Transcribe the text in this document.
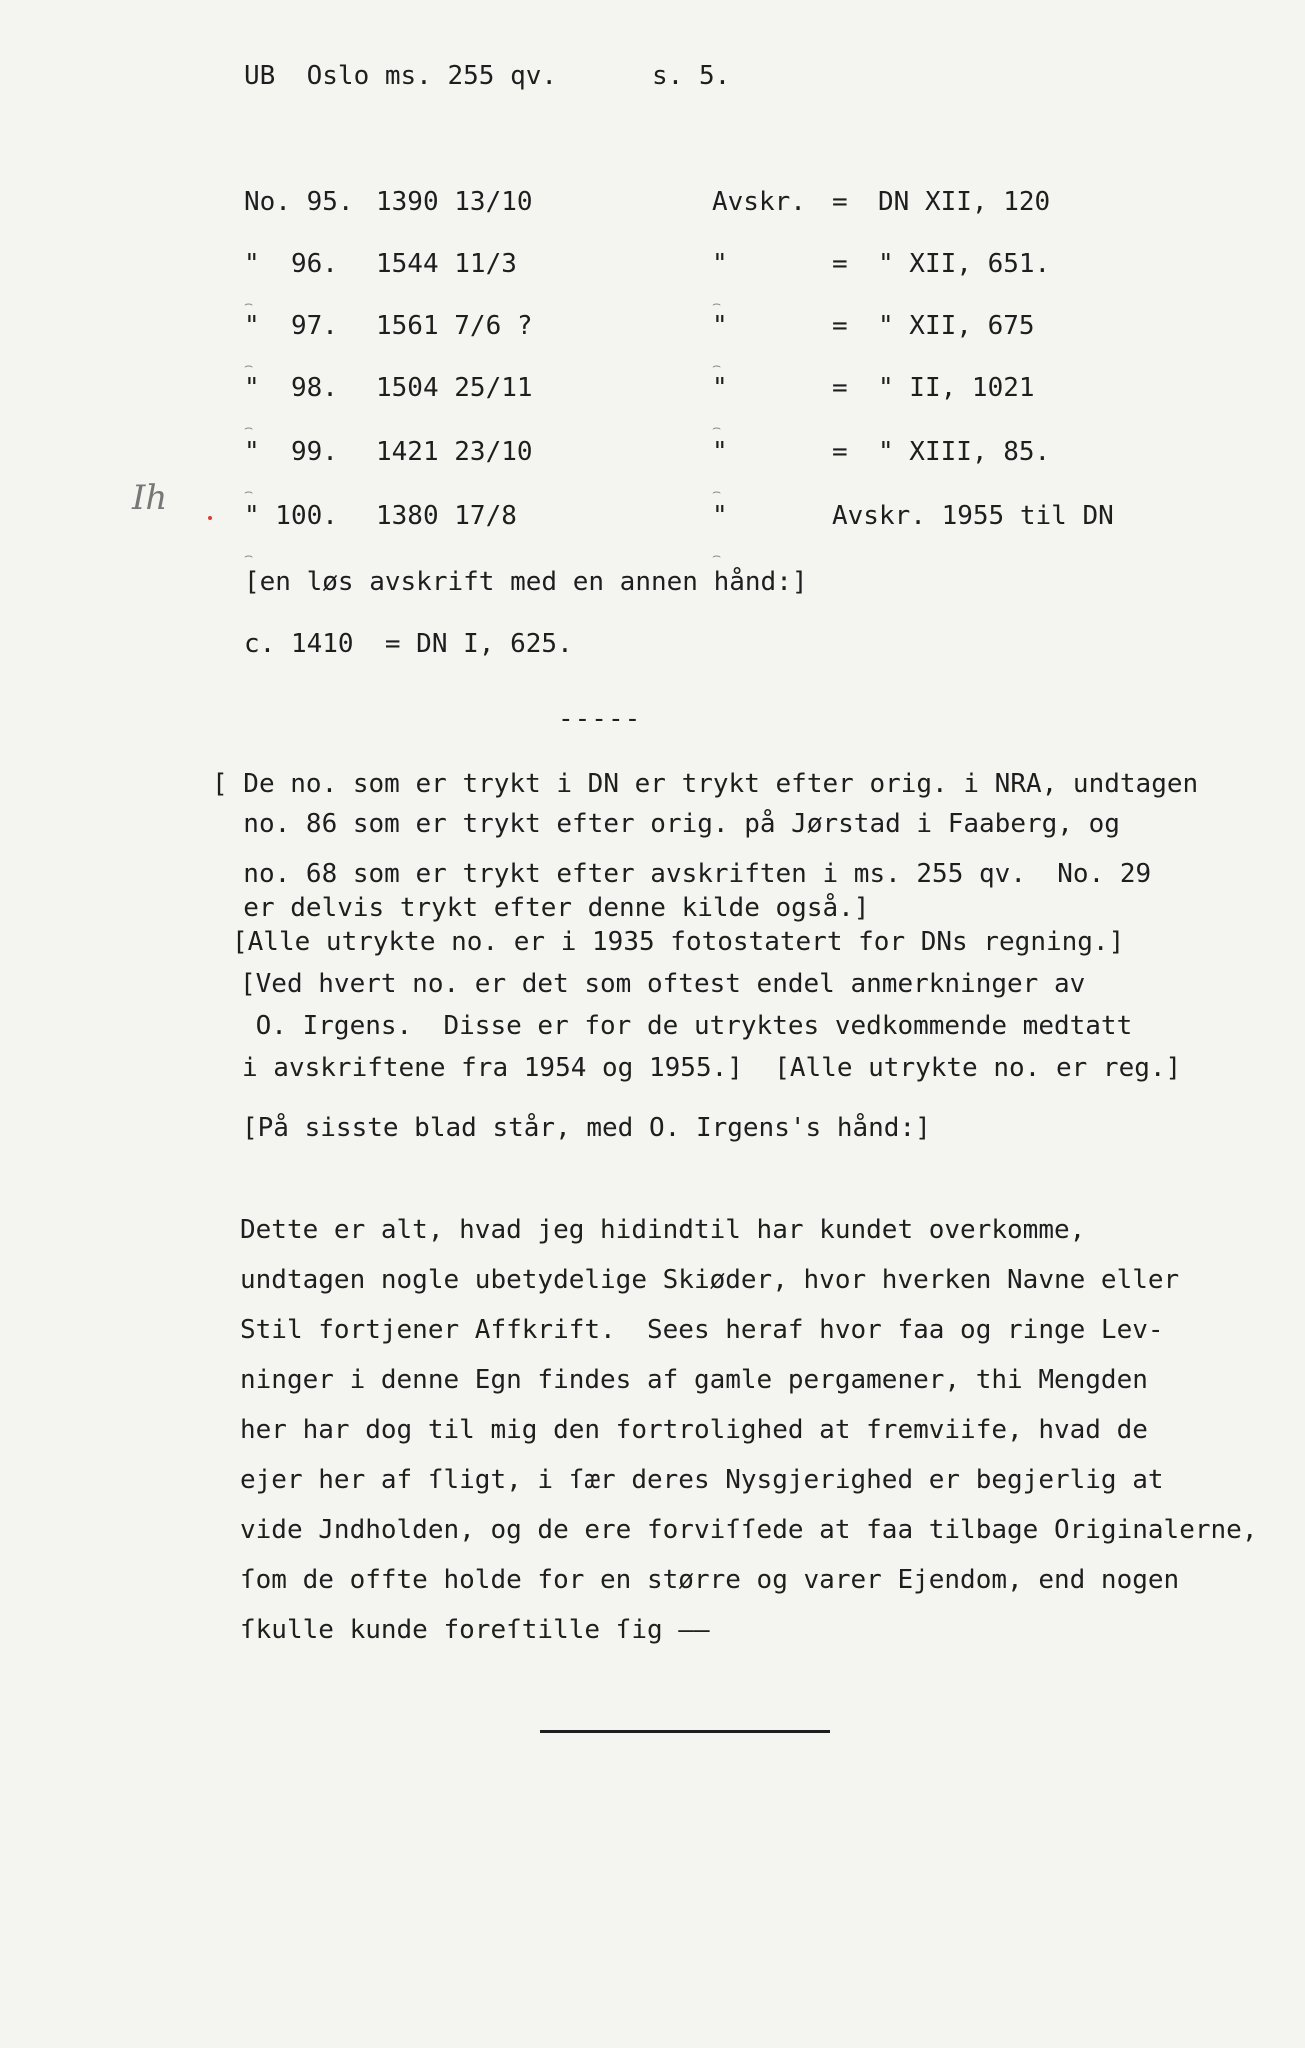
UB  Oslo ms. 255 qv.	s. 5.
No. 95. 1390 13/10	Avskr. = DN XII, 120
"  96. 1544 11/3	"	= " XII, 651.
"  97. 1561 7/6 ?	"	= " XII, 675
"  98. 1504 25/11	"	= " II, 1021
"  99. 1421 23/10	"	= " XIII, 85.
" 100. 1380 17/8	"	Avskr. 1955 til DN
⌢	⌢
⌢	⌢
⌢	⌢
⌢	⌢
⌢	⌢
Ih
[en løs avskrift med en annen hånd:]
c. 1410  = DN I, 625.
-----
[ De no. som er trykt i DN er trykt efter orig. i NRA, undtagen
no. 86 som er trykt efter orig. på Jørstad i Faaberg, og
no. 68 som er trykt efter avskriften i ms. 255 qv.  No. 29
er delvis trykt efter denne kilde også.]
[Alle utrykte no. er i 1935 fotostatert for DNs regning.]
[Ved hvert no. er det som oftest endel anmerkninger av
O. Irgens.  Disse er for de utryktes vedkommende medtatt
i avskriftene fra 1954 og 1955.]  [Alle utrykte no. er reg.]
[På sisste blad står, med O. Irgens's hånd:]
Dette er alt, hvad jeg hidindtil har kundet overkomme,
undtagen nogle ubetydelige Skiøder, hvor hverken Navne eller
Stil fortjener Affkrift.  Sees heraf hvor faa og ringe Lev-
ninger i denne Egn findes af gamle pergamener, thi Mengden
her har dog til mig den fortrolighed at fremviife, hvad de
ejer her af ſligt, i ſær deres Nysgjerighed er begjerlig at
vide Jndholden, og de ere forviſſede at faa tilbage Originalerne,
ſom de offte holde for en større og varer Ejendom, end nogen
ſkulle kunde foreſtille ſig ——
